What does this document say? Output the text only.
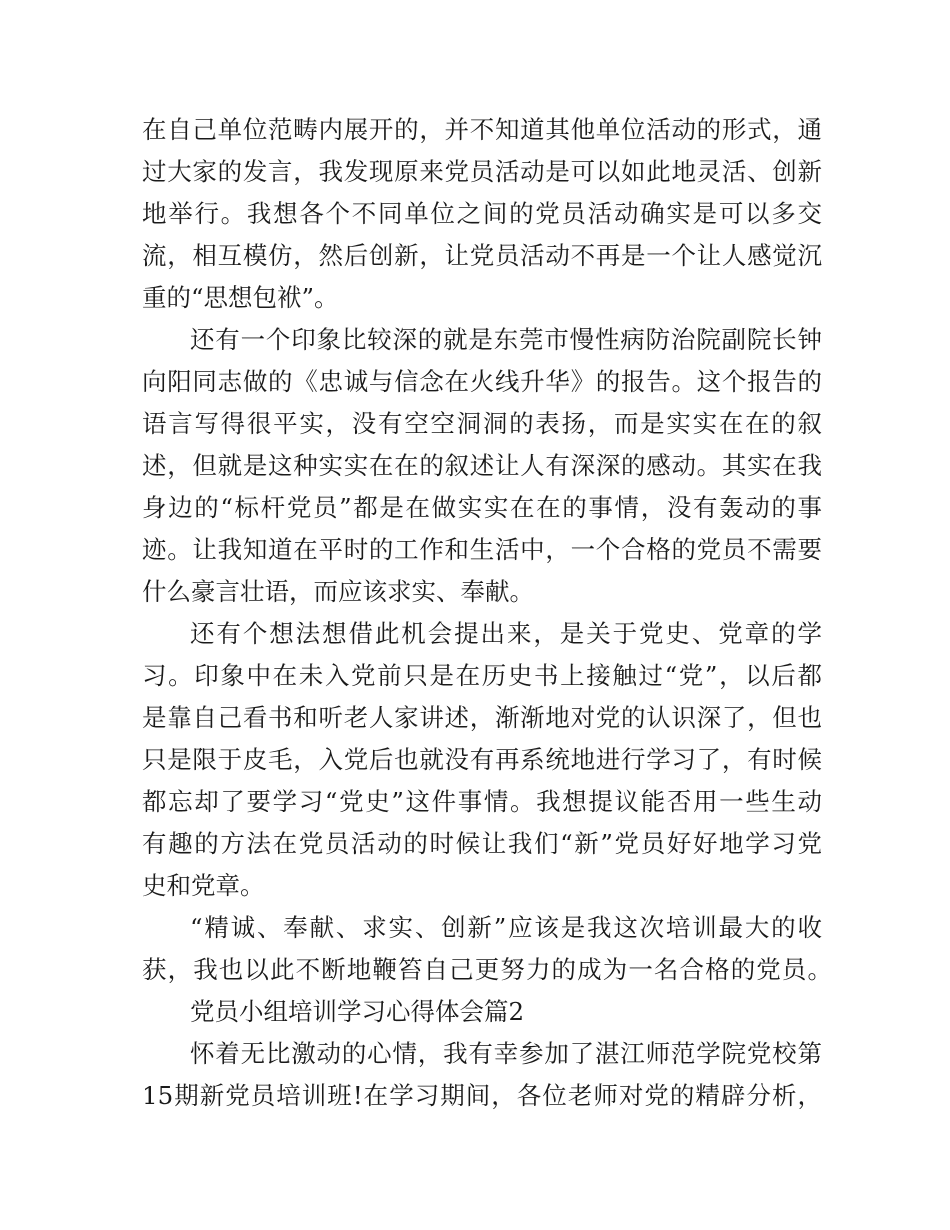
在自己单位范畴内展开的，并不知道其他单位活动的形式，通

过大家的发言，我发现原来党员活动是可以如此地灵活、创新

地举行。我想各个不同单位之间的党员活动确实是可以多交

流，相互模仿，然后创新，让党员活动不再是一个让人感觉沉

重的“思想包袱”。

还有一个印象比较深的就是东莞市慢性病防治院副院长钟

向阳同志做的《忠诚与信念在火线升华》的报告。这个报告的

语言写得很平实，没有空空洞洞的表扬，而是实实在在的叙

述，但就是这种实实在在的叙述让人有深深的感动。其实在我

身边的“标杆党员”都是在做实实在在的事情，没有轰动的事

迹。让我知道在平时的工作和生活中，一个合格的党员不需要

什么豪言壮语，而应该求实、奉献。

还有个想法想借此机会提出来，是关于党史、党章的学

习。印象中在未入党前只是在历史书上接触过“党”，以后都

是靠自己看书和听老人家讲述，渐渐地对党的认识深了，但也

只是限于皮毛，入党后也就没有再系统地进行学习了，有时候

都忘却了要学习“党史”这件事情。我想提议能否用一些生动

有趣的方法在党员活动的时候让我们“新”党员好好地学习党

史和党章。

“精诚、奉献、求实、创新”应该是我这次培训最大的收

获，我也以此不断地鞭笞自己更努力的成为一名合格的党员。

党员小组培训学习心得体会篇2

怀着无比激动的心情，我有幸参加了湛江师范学院党校第

15期新党员培训班!在学习期间，各位老师对党的精辟分析，
